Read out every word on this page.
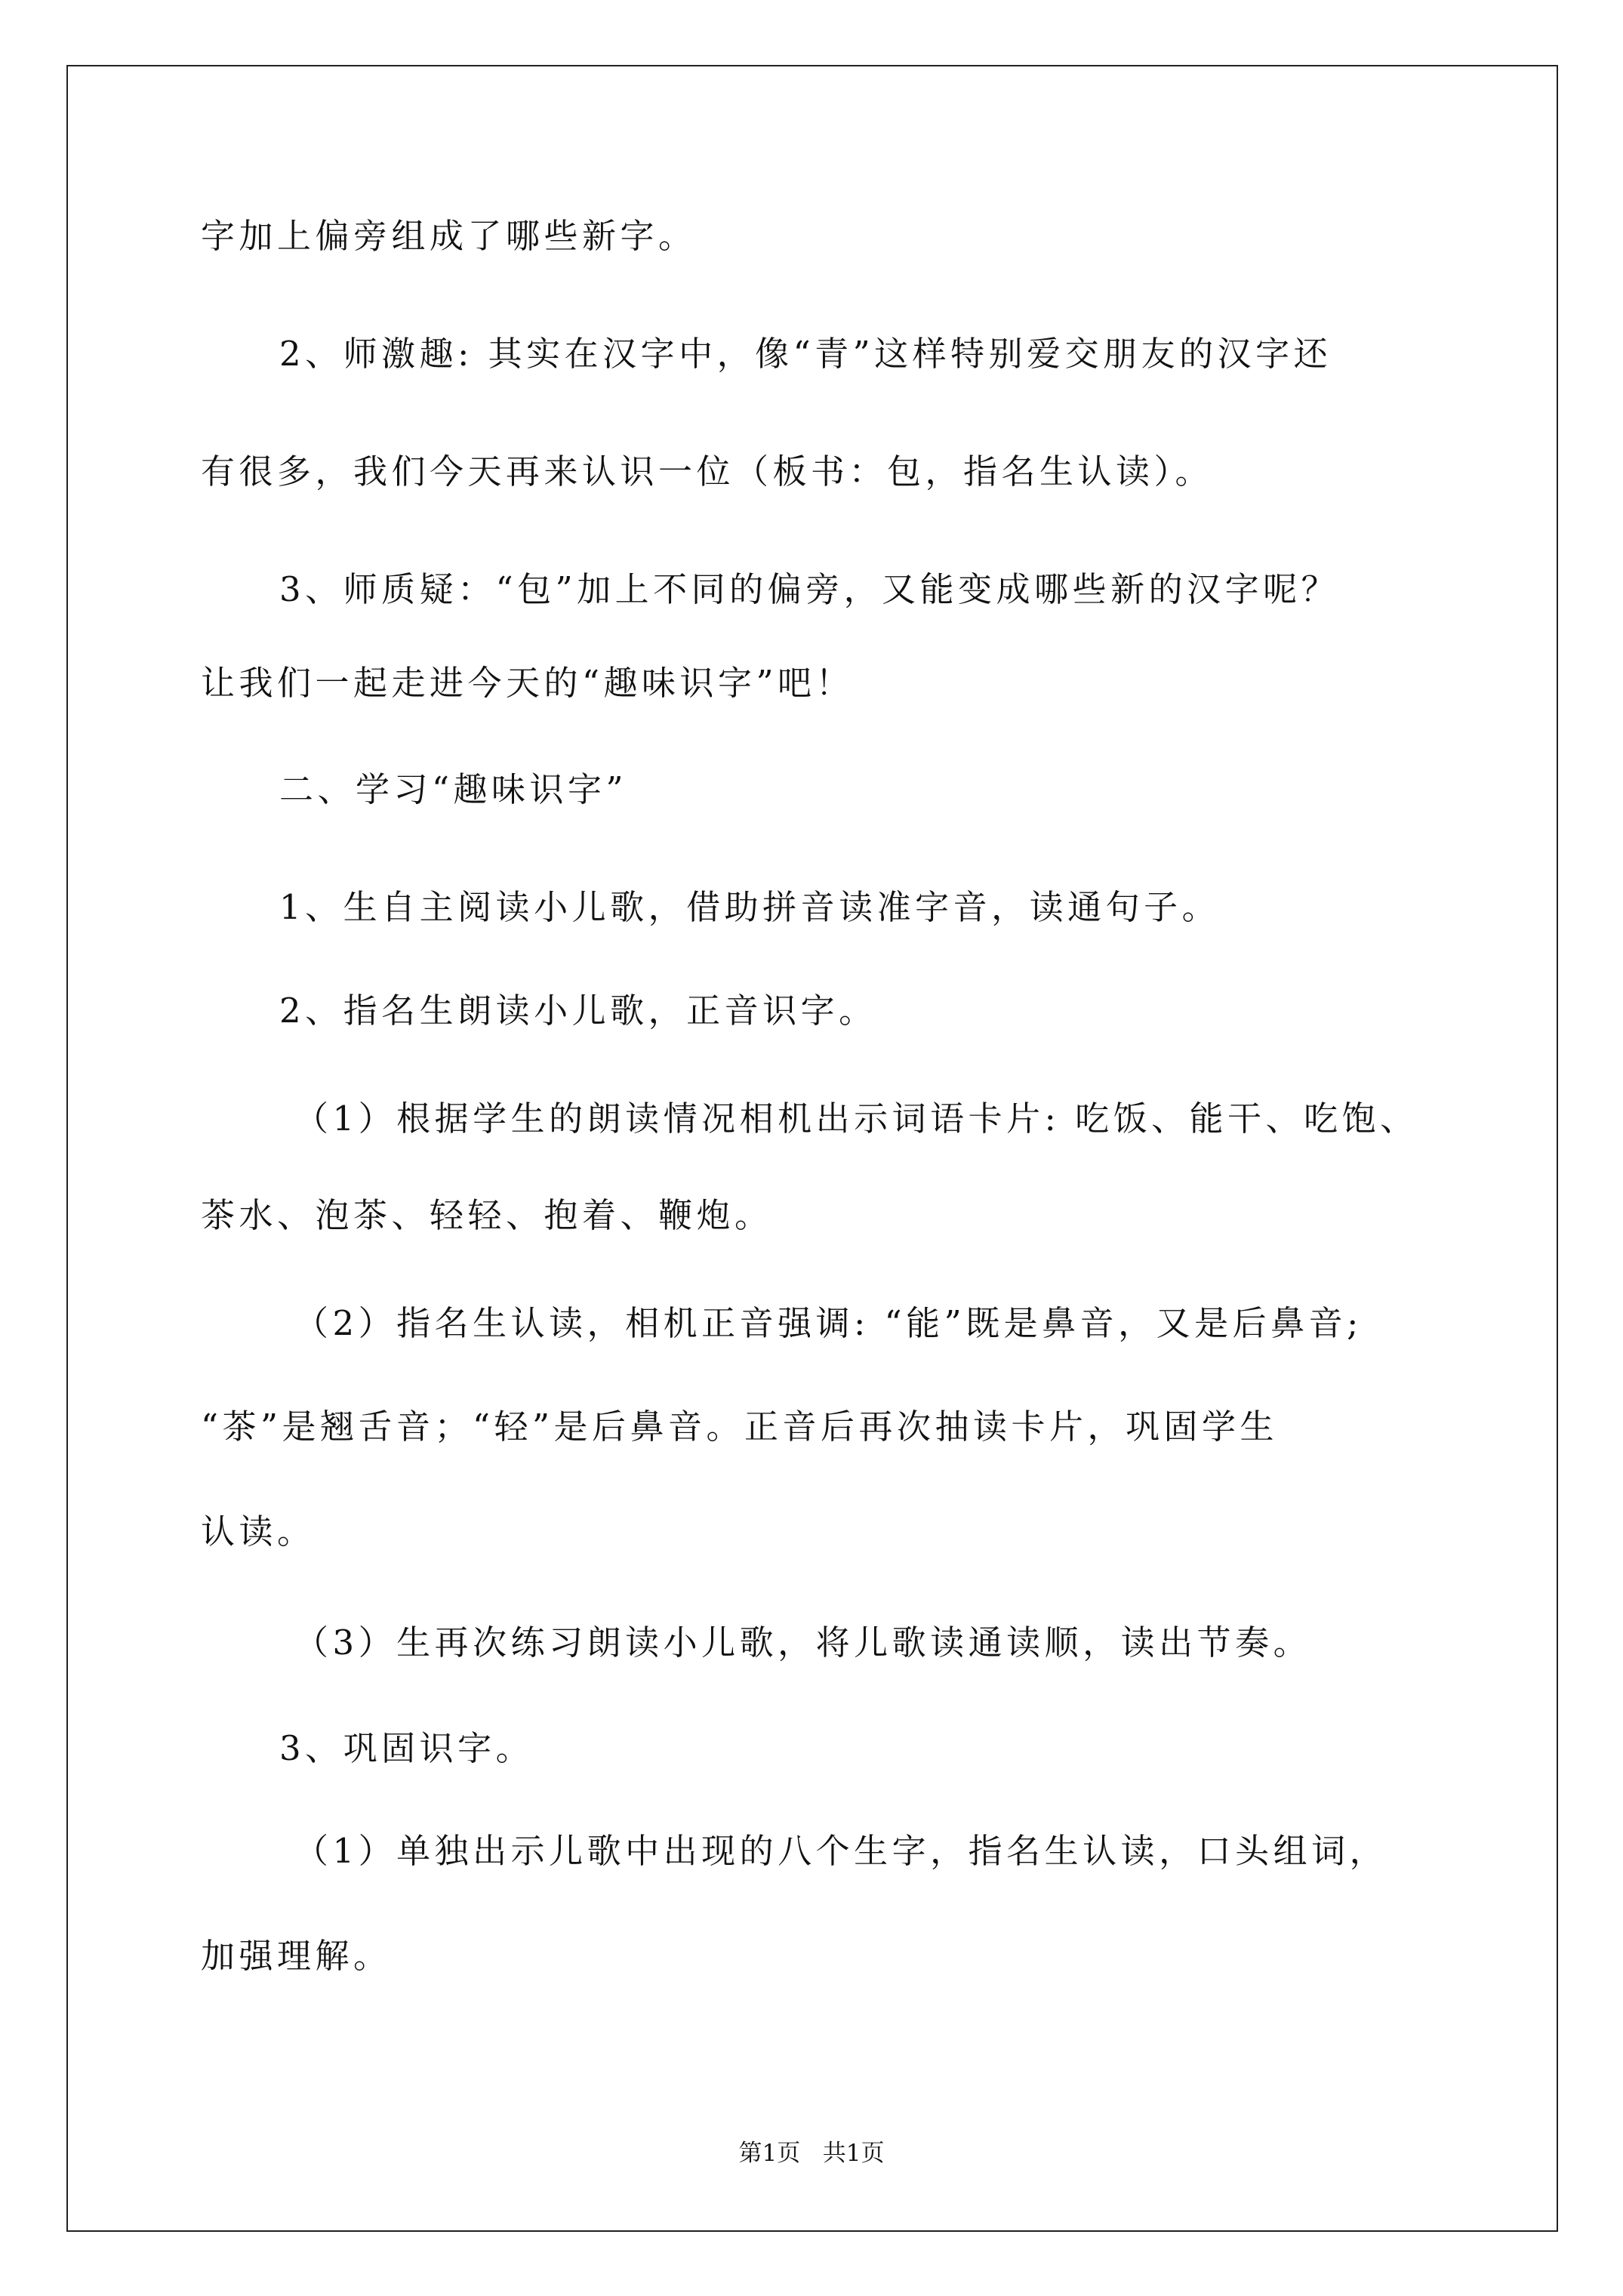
字加上偏旁组成了哪些新字。
2、师激趣: 其实在汉字中，像“青”这样特别爱交朋友的汉字还
有很多，我们今天再来认识一位（板书：包，指名生认读）。
3、师质疑：“包”加上不同的偏旁，又能变成哪些新的汉字呢？
让我们一起走进今天的“趣味识字”吧！
二、学习“趣味识字”
1、生自主阅读小儿歌，借助拼音读准字音，读通句子。
2、指名生朗读小儿歌，正音识字。
（1）根据学生的朗读情况相机出示词语卡片: 吃饭、能干、吃饱、
茶水、泡茶、轻轻、抱着、鞭炮。
（2）指名生认读，相机正音强调: “能”既是鼻音，又是后鼻音;
“茶”是翘舌音；“轻”是后鼻音。正音后再次抽读卡片，巩固学生
认读。
（3）生再次练习朗读小儿歌，将儿歌读通读顺，读出节奏。
3、巩固识字。
（1）单独出示儿歌中出现的八个生字，指名生认读，口头组词，
加强理解。
第1页   共1页
